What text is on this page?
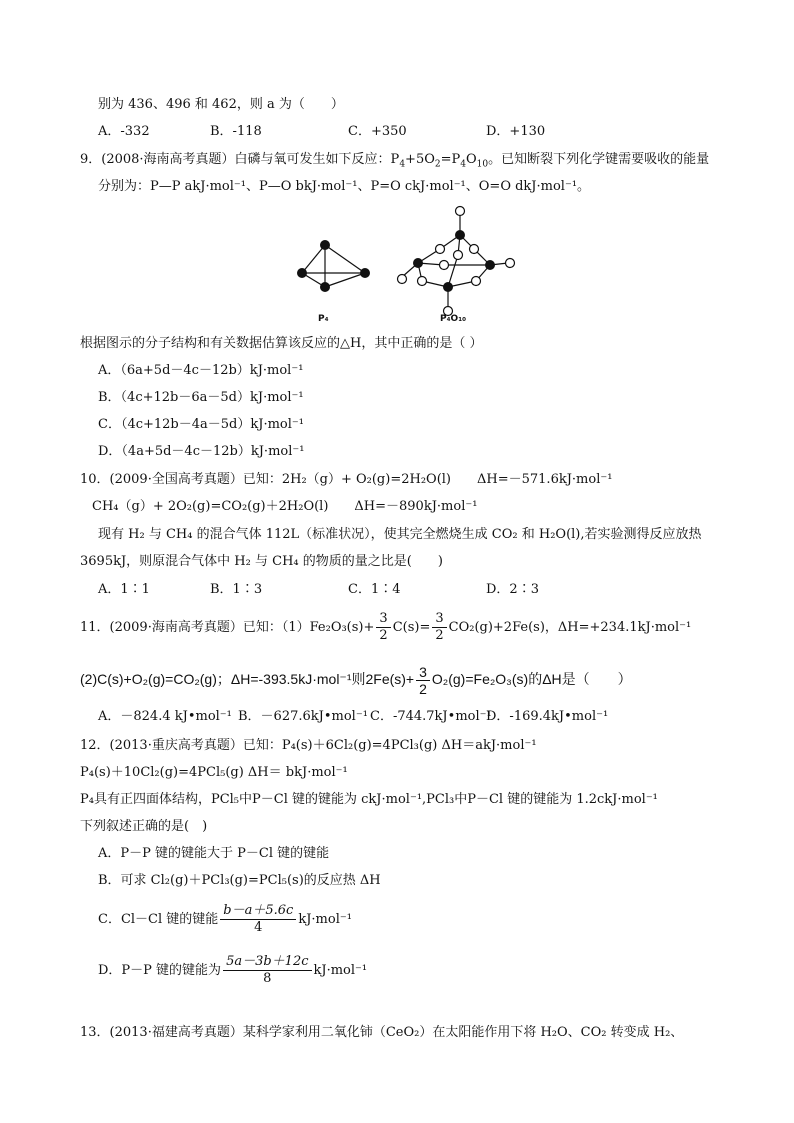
别为 436、496 和 462，则 a 为（　　）
A．-332	B．-118	C．+350	D．+130
9．(2008·海南高考真题）白磷与氧可发生如下反应：$P_4+5O_2=P_4O_{10}$。已知断裂下列化学键需要吸收的能量
分别为：P—P akJ·mol⁻¹、P—O bkJ·mol⁻¹、P=O ckJ·mol⁻¹、O=O dkJ·mol⁻¹。
P₄	P₄O₁₀
根据图示的分子结构和有关数据估算该反应的△H，其中正确的是（ ）
A．（6a+5d－4c－12b）kJ·mol⁻¹
B．（4c+12b－6a－5d）kJ·mol⁻¹
C．（4c+12b－4a－5d）kJ·mol⁻¹
D．（4a+5d－4c－12b）kJ·mol⁻¹
10．(2009·全国高考真题）已知：2H₂（g）+ O₂(g)=2H₂O(l)　　ΔH=－571.6kJ·mol⁻¹
CH₄（g）+ 2O₂(g)=CO₂(g)＋2H₂O(l)　　ΔH=－890kJ·mol⁻¹
现有 H₂ 与 CH₄ 的混合气体 112L（标准状况），使其完全燃烧生成 CO₂ 和 H₂O(l),若实验测得反应放热
3695kJ，则原混合气体中 H₂ 与 CH₄ 的物质的量之比是(　　)
A．1∶1	B．1∶3	C．1∶4	D．2∶3
11．(2009·海南高考真题）已知：$(1)Fe_2O_3(s)+ \frac{3}{2} C(s)= \frac{3}{2} CO_2(g)+2Fe(s)$，ΔH=+234.1kJ·mol⁻¹
(2)C(s)+O₂(g)=CO₂(g)；ΔH=-393.5kJ·mol⁻¹则$2Fe(s)+ \frac{3}{2} O_2(g)=Fe_2O_3(s)$的ΔH是（　　）
A．－824.4 kJ•mol⁻¹ B．－627.6kJ•mol⁻¹ C．-744.7kJ•mol⁻¹
D．-169.4kJ•mol⁻¹
12．(2013·重庆高考真题）已知：P₄(s)＋6Cl₂(g)=4PCl₃(g) ΔH＝akJ·mol⁻¹
P₄(s)＋10Cl₂(g)=4PCl₅(g) ΔH＝ bkJ·mol⁻¹
P₄具有正四面体结构，PCl₅中P－Cl 键的键能为 ckJ·mol⁻¹,PCl₃中P－Cl 键的键能为 1.2ckJ·mol⁻¹
下列叙述正确的是(　)
A．P－P 键的键能大于 P－Cl 键的键能
B．可求 Cl₂(g)＋PCl₃(g)=PCl₅(s)的反应热 ΔH
C．Cl－Cl 键的键能 $\frac{b-a+5.6c}{4} kJ\cdot mol^{-1}$
D．P－P 键的键能为 $\frac{5a-3b+12c}{8} kJ\cdot mol^{-1}$
13．(2013·福建高考真题）某科学家利用二氧化铈（CeO₂）在太阳能作用下将 H₂O、CO₂ 转变成 H₂、
